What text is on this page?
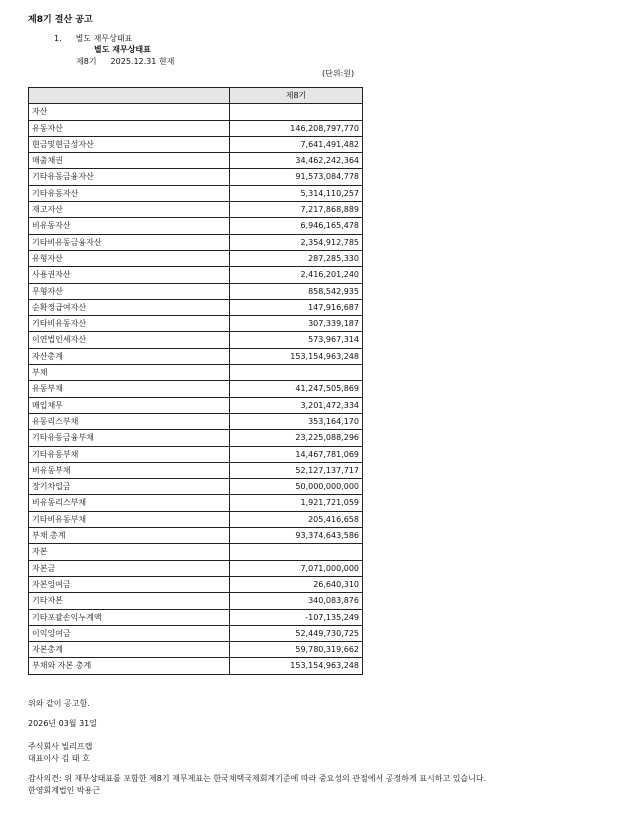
제8기 결산 공고
1. 별도 재무상태표
별도 재무상태표
제8기 2025.12.31 현재
(단위:원)
	제8기
자산	
유동자산	146,208,797,770
현금및현금성자산	7,641,491,482
매출채권	34,462,242,364
기타유동금융자산	91,573,084,778
기타유동자산	5,314,110,257
재고자산	7,217,868,889
비유동자산	6,946,165,478
기타비유동금융자산	2,354,912,785
유형자산	287,285,330
사용권자산	2,416,201,240
무형자산	858,542,935
순확정급여자산	147,916,687
기타비유동자산	307,339,187
이연법인세자산	573,967,314
자산총계	153,154,963,248
부채	
유동부채	41,247,505,869
매입채무	3,201,472,334
유동리스부채	353,164,170
기타유동금융부채	23,225,088,296
기타유동부채	14,467,781,069
비유동부채	52,127,137,717
장기차입금	50,000,000,000
비유동리스부채	1,921,721,059
기타비유동부채	205,416,658
부채 총계	93,374,643,586
자본	
자본금	7,071,000,000
자본잉여금	26,640,310
기타자본	340,083,876
기타포괄손익누계액	-107,135,249
이익잉여금	52,449,730,725
자본총계	59,780,319,662
부채와 자본 총계	153,154,963,248
위와 같이 공고함.
2026년 03월 31일
주식회사 빌리프랩
대표이사 김 태 호
감사의견: 위 재무상태표를 포함한 제8기 재무제표는 한국채택국제회계기준에 따라 중요성의 관점에서 공정하게 표시하고 있습니다.
한영회계법인 박용근
